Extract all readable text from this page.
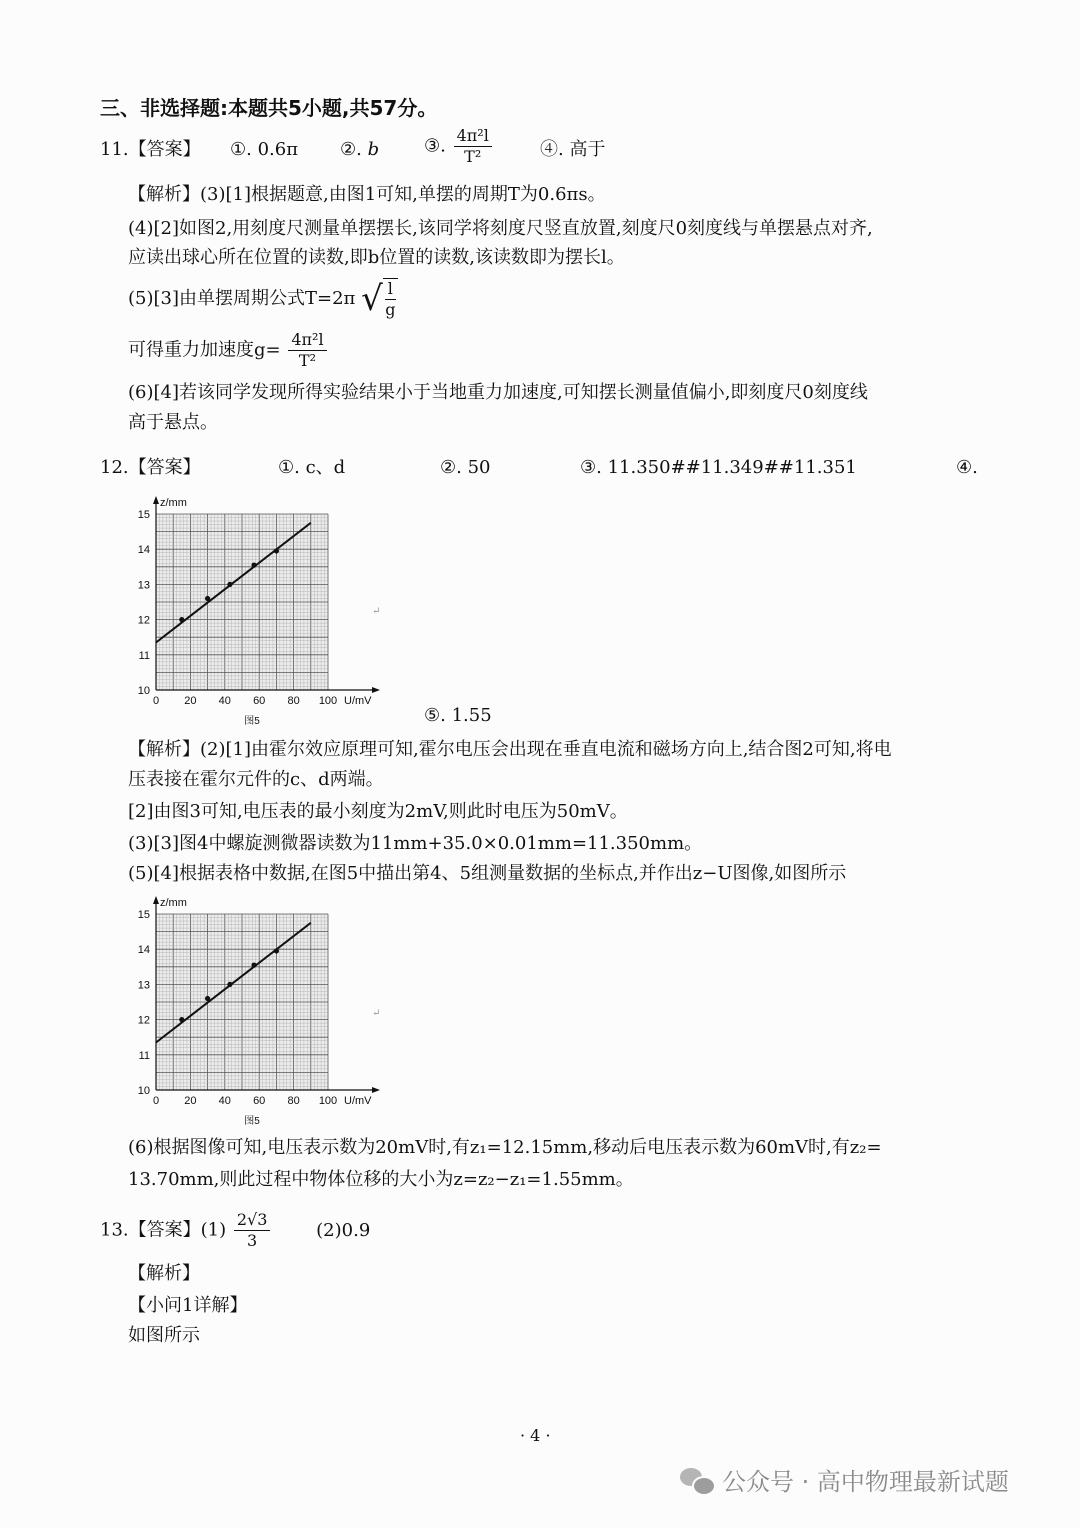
三、非选择题:本题共5小题,共57分。
11.【答案】 ①. 0.6π ②. b ③. $\frac{\text{4π²l}}{\text{T²}}$	④. 高于
【解析】(3)[1]根据题意,由图1可知,单摆的周期T为0.6πs。
(4)[2]如图2,用刻度尺测量单摆摆长,该同学将刻度尺竖直放置,刻度尺0刻度线与单摆悬点对齐,
应读出球心所在位置的读数,即b位置的读数,该读数即为摆长l。
(5)[3]由单摆周期公式T=2π √ $\frac{l}{g}$
可得重力加速度$g= \frac{\text{4π²l}}{\text{T²}}$
(6)[4]若该同学发现所得实验结果小于当地重力加速度,可知摆长测量值偏小,即刻度尺0刻度线
高于悬点。
12.【答案】	①. c、d	②. 50	③. 11.350##11.349##11.351	④.
0 20 40 60 80 100
10
11
12
13
14
15
z/mm
U/mV
图5	⑤. 1.55
↵
【解析】(2)[1]由霍尔效应原理可知,霍尔电压会出现在垂直电流和磁场方向上,结合图2可知,将电
压表接在霍尔元件的c、d两端。
[2]由图3可知,电压表的最小刻度为2mV,则此时电压为50mV。
(3)[3]图4中螺旋测微器读数为11mm+35.0×0.01mm=11.350mm。
(5)[4]根据表格中数据,在图5中描出第4、5组测量数据的坐标点,并作出z−U图像,如图所示
0 20 40 60 80 100
10
11
12
13
14
15
z/mm
U/mV
图5
↵
(6)根据图像可知,电压表示数为20mV时,有z₁=12.15mm,移动后电压表示数为60mV时,有z₂=
13.70mm,则此过程中物体位移的大小为z=z₂−z₁=1.55mm。
13.【答案】$(1) \frac{2√3}{3}$	(2)0.9
【解析】
【小问1详解】
如图所示
· 4 ·
公众号 · 高中物理最新试题
